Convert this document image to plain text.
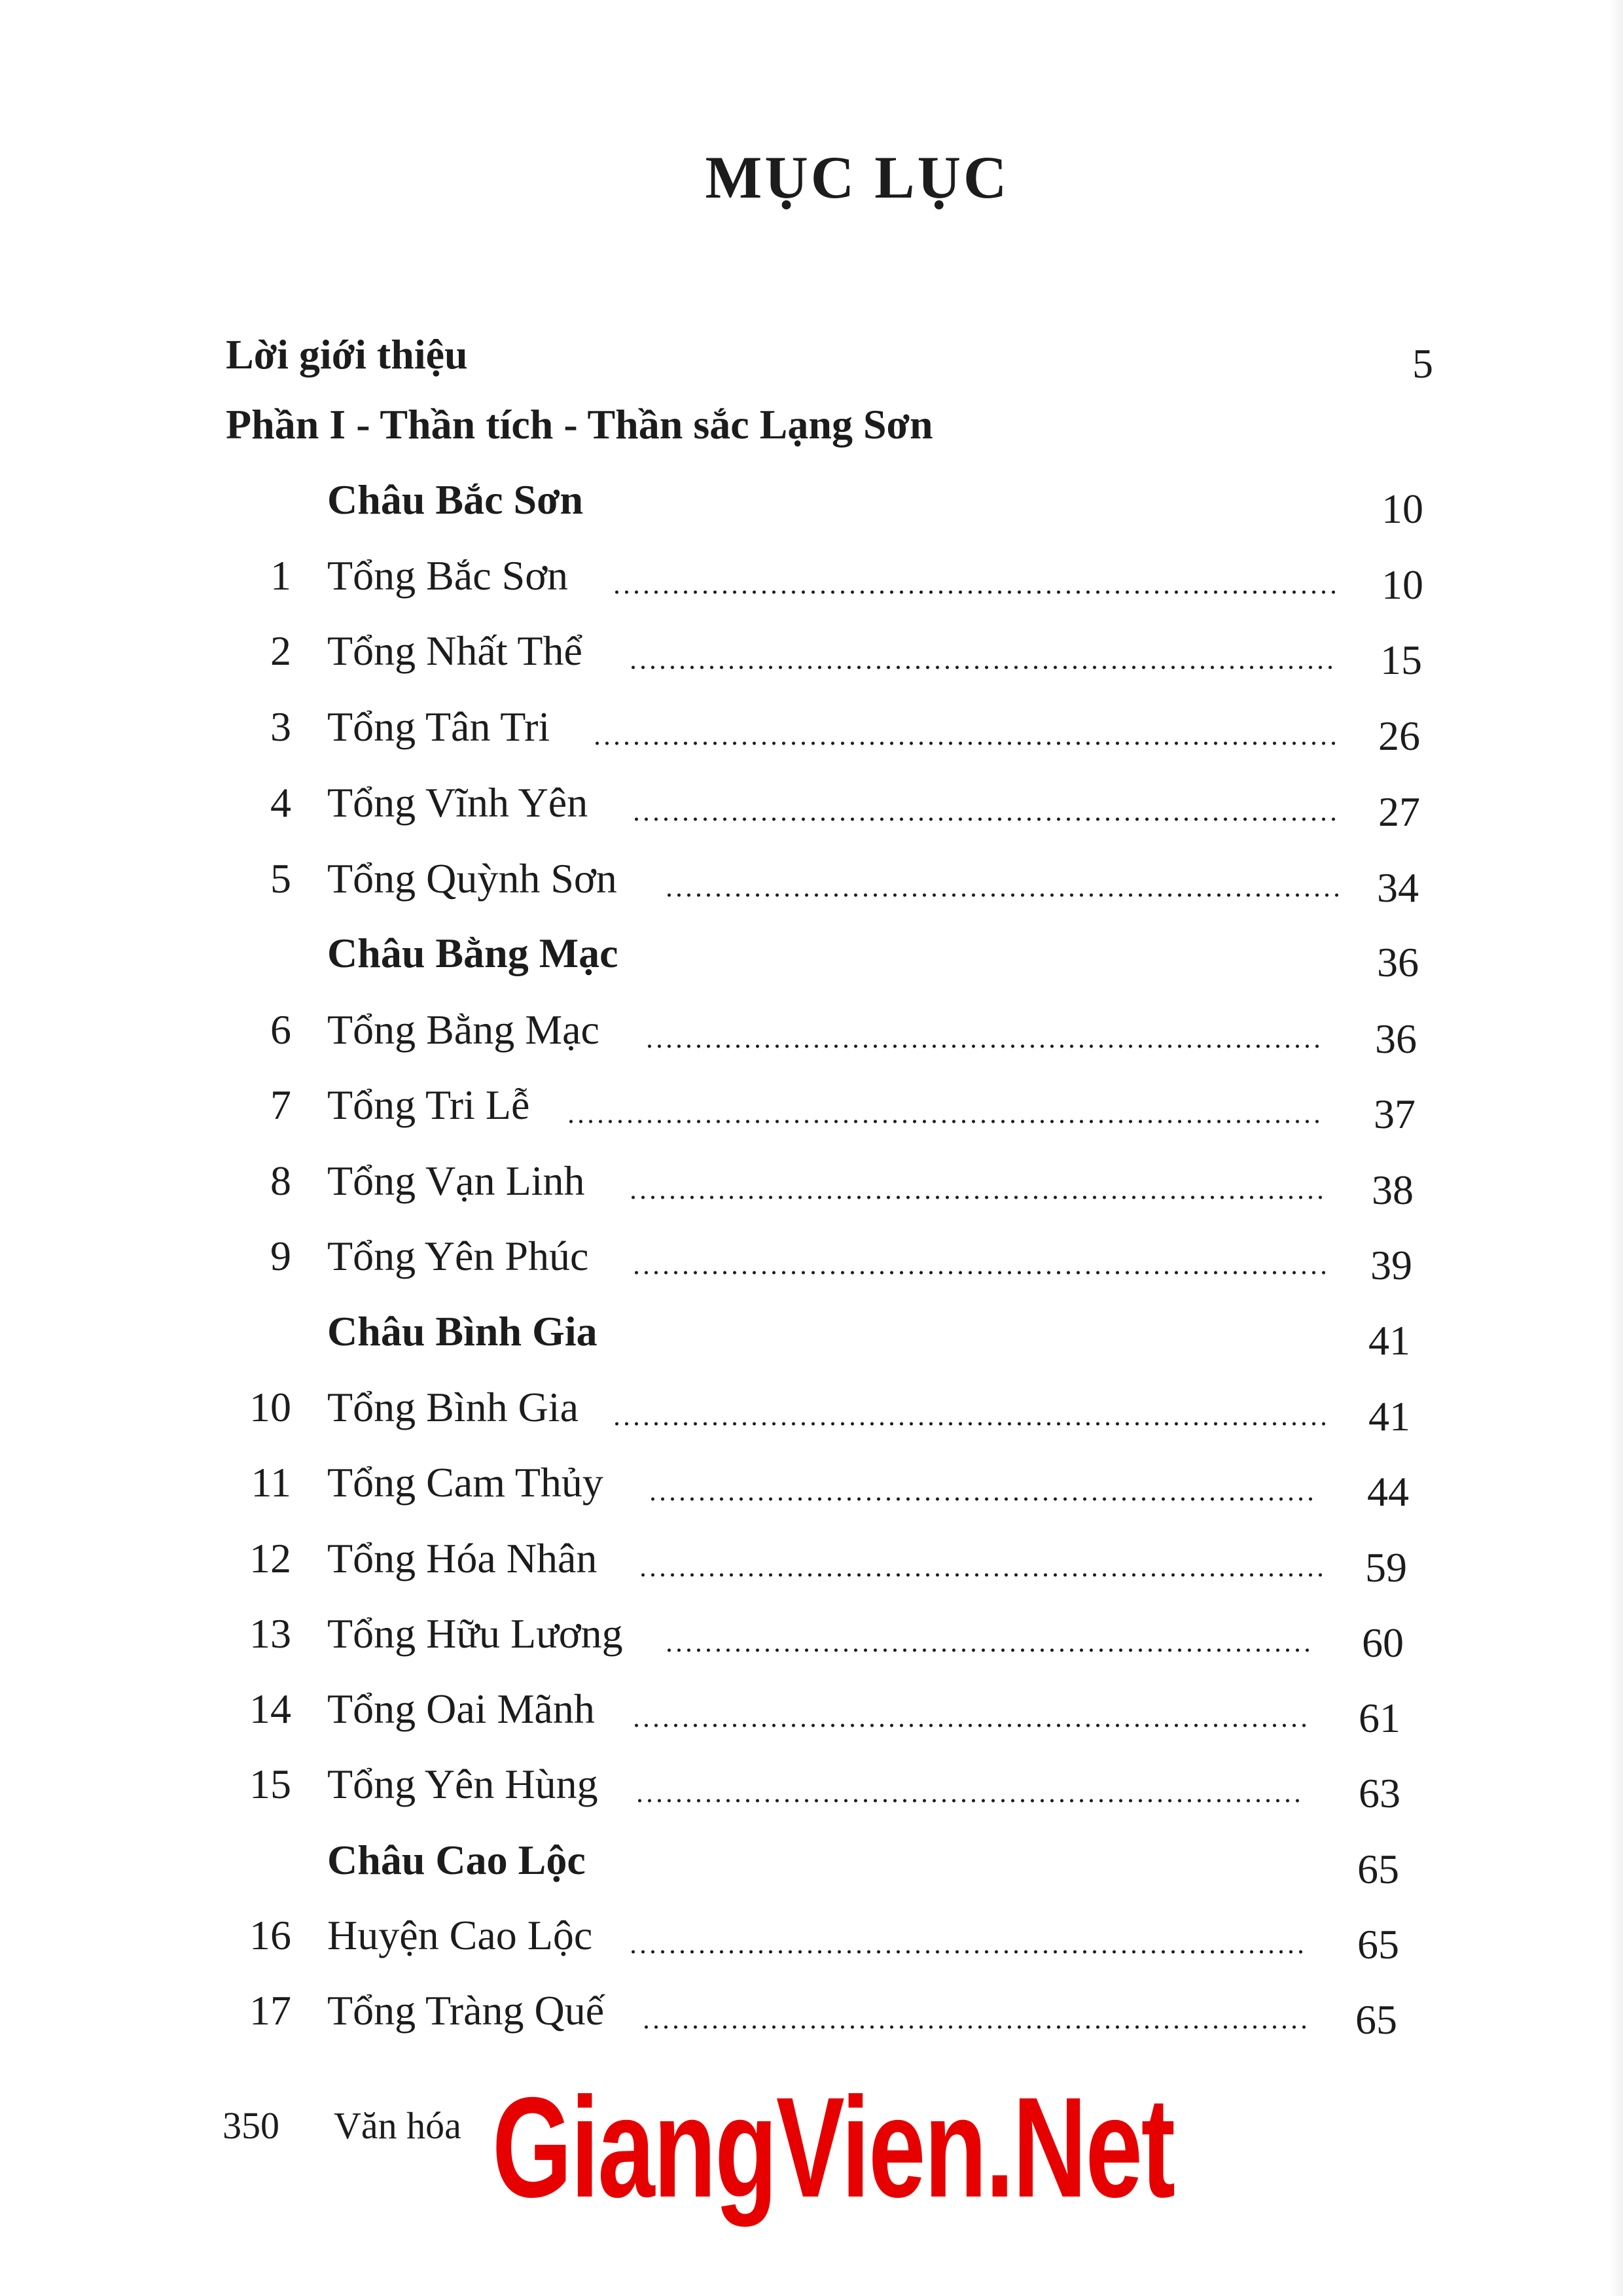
MỤC LỤC
Lời giới thiệu	5
Phần I - Thần tích - Thần sắc Lạng Sơn
Châu Bắc Sơn	10
1 Tổng Bắc Sơn	10
2 Tổng Nhất Thể	15
3 Tổng Tân Tri	26
4 Tổng Vĩnh Yên	27
5 Tổng Quỳnh Sơn	34
Châu Bằng Mạc	36
6 Tổng Bằng Mạc	36
7 Tổng Tri Lễ	37
8 Tổng Vạn Linh	38
9 Tổng Yên Phúc	39
Châu Bình Gia	41
10 Tổng Bình Gia	41
11 Tổng Cam Thủy	44
12 Tổng Hóa Nhân	59
13 Tổng Hữu Lương	60
14 Tổng Oai Mãnh	61
15 Tổng Yên Hùng	63
Châu Cao Lộc	65
16 Huyện Cao Lộc	65
17 Tổng Tràng Quế	65
350 Văn hóa GiangVien.Net
